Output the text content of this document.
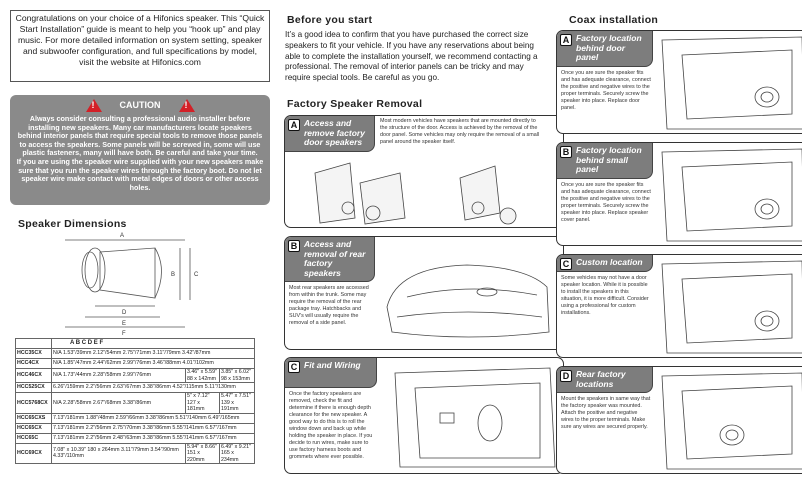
Congratulations on your choice of a Hifonics speaker. This “Quick Start Installation” guide is meant to help you “hook up” and play music. For more detailed information on system setting, speaker and subwoofer configuration, and full specifications by model, visit the website at Hifonics.com
!	CAUTION	!
Always consider consulting a professional audio installer before installing new speakers. Many car manufacturers locate speakers behind interior panels that require special tools to remove those panels to access the speakers. Some panels will be screwed in, some will use plastic fasteners, many will have both. Be careful and take your time.
If you are using the speaker wire supplied with your new speakers make sure that you run the speaker wires through the factory boot. Do not let speaker wire make contact with metal edges of doors or other access holes.
Speaker Dimensions
A
B	C
D
E
F
	A B C D E F		
HCC35CX	N/A 1.53"/39mm 2.12"/54mm 2.75"/71mm 3.11"/79mm 3.42"/87mm		
HCC4CX	N/A 1.85"/47mm 2.44"/62mm 2.99"/76mm 3.46"/88mm 4.01"/102mm		
HCC46CX	N/A 1.73"/44mm 2.28"/58mm 2.99"/76mm	3.46" x 5.59" 88 x 142mm	3.85" x 6.02" 98 x 153mm
HCC525CX	6.26"/159mm 2.2"/56mm 2.63"/67mm 3.38"/86mm 4.52"/115mm 5.11"/130mm		
HCC5768CX	N/A 2.28"/58mm 2.67"/68mm 3.38"/86mm	5" x 7.12" 127 x 181mm	5.47" x 7.51" 139 x 191mm
HCC65CXS	7.13"/181mm 1.88"/48mm 2.59"/66mm 3.38"/86mm 5.51"/140mm 6.49"/165mm		
HCC65CX	7.13"/181mm 2.2"/56mm 2.75"/70mm 3.38"/86mm 5.55"/141mm 6.57"/167mm		
HCC65C	7.13"/181mm 2.2"/56mm 2.48"/63mm 3.38"/86mm 5.55"/141mm 6.57"/167mm		
HCC69CX	7.08" x 10.39" 180 x 264mm 3.11"/79mm 3.54"/90mm 4.33"/110mm	5.94" x 8.66" 151 x 220mm	6.49" x 9.21" 165 x 234mm
Before you start
It’s a good idea to confirm that you have purchased the correct size speakers to fit your vehicle. If you have any reservations about being able to complete the installation yourself, we recommend contacting a professional. The removal of interior panels can be tricky and may require special tools. Be careful as you go.
Factory Speaker Removal
A Access and remove factory door speakers
Most modern vehicles have speakers that are mounted directly to the structure of the door. Access is achieved by the removal of the door panel. Some vehicles may only require the removal of a small panel around the speaker itself.
B Access and removal of rear factory speakers
Most rear speakers are accessed from within the trunk. Some may require the removal of the rear package tray. Hatchbacks and SUV's will usually require the removal of a side panel.
C Fit and Wiring
Once the factory speakers are removed, check the fit and determine if there is enough depth clearance for the new speaker. A good way to do this is to roll the window down and back up while holding the speaker in place. If you decide to run wires, make sure to use factory harness boots and grommets where ever possible.
Coax installation
A Factory location behind door panel
Once you are sure the speaker fits and has adequate clearance, connect the positive and negative wires to the proper terminals. Securely screw the speaker into place. Replace door panel.
B Factory location behind small panel
Once you are sure the speaker fits and has adequate clearance, connect the positive and negative wires to the proper terminals. Securely screw the speaker into place. Replace speaker cover panel.
C Custom location
Some vehicles may not have a door speaker location. While it is possible to install the speakers in this situation, it is more difficult. Consider using a professional for custom installations.
D Rear factory locations
Mount the speakers in same way that the factory speaker was mounted. Attach the positive and negative wires to the proper terminals. Make sure any wires are secured properly.
